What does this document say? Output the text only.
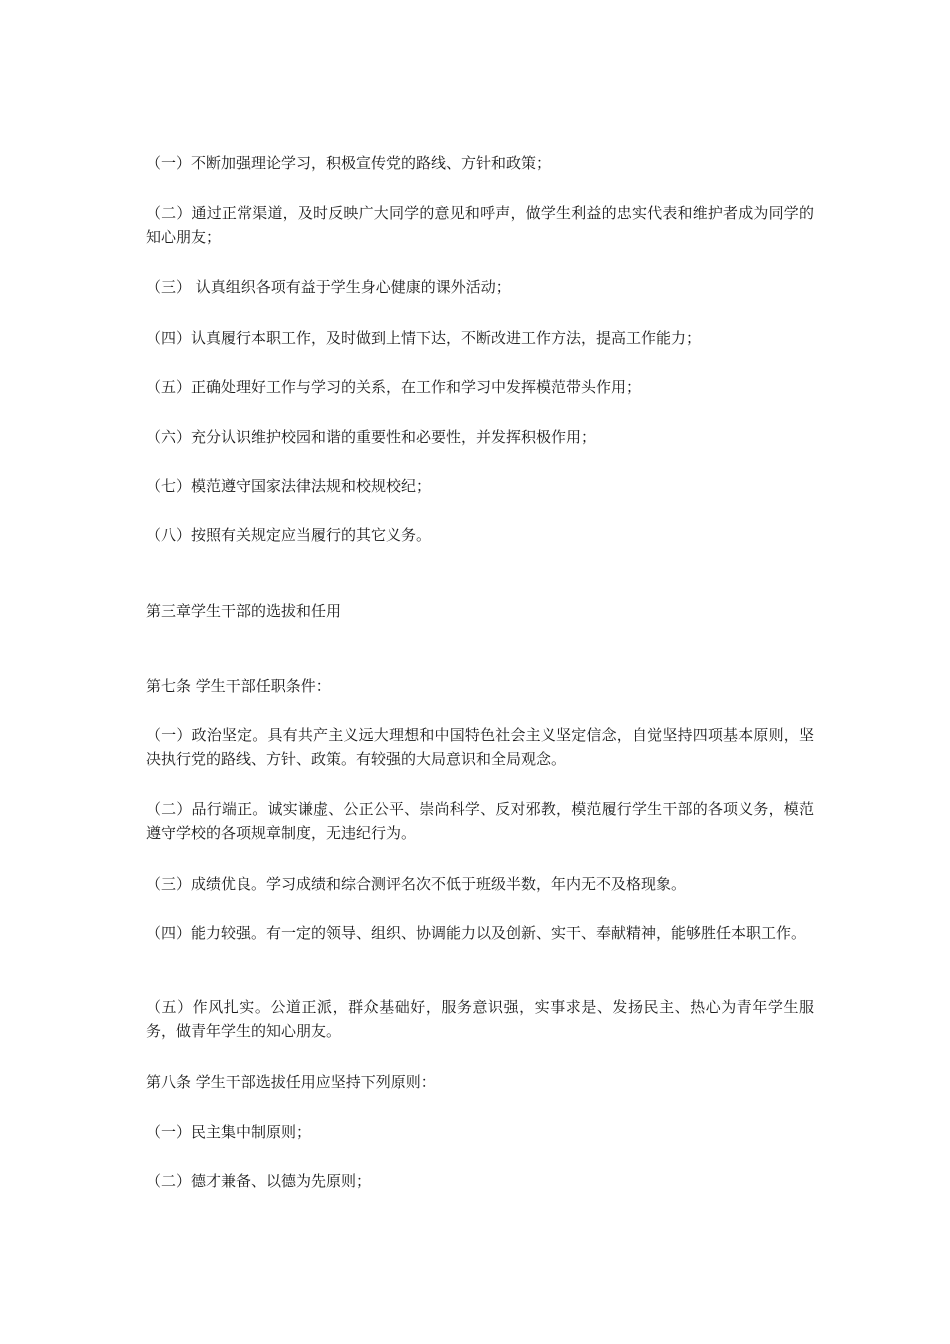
（一）不断加强理论学习，积极宣传党的路线、方针和政策；
（二）通过正常渠道，及时反映广大同学的意见和呼声，做学生利益的忠实代表和维护者成为同学的知心朋友；
（三） 认真组织各项有益于学生身心健康的课外活动；
（四）认真履行本职工作，及时做到上情下达，不断改进工作方法，提高工作能力；
（五）正确处理好工作与学习的关系，在工作和学习中发挥模范带头作用；
（六）充分认识维护校园和谐的重要性和必要性，并发挥积极作用；
（七）模范遵守国家法律法规和校规校纪；
（八）按照有关规定应当履行的其它义务。
第三章学生干部的选拔和任用
第七条 学生干部任职条件：
（一）政治坚定。具有共产主义远大理想和中国特色社会主义坚定信念，自觉坚持四项基本原则，坚决执行党的路线、方针、政策。有较强的大局意识和全局观念。
（二）品行端正。诚实谦虚、公正公平、崇尚科学、反对邪教，模范履行学生干部的各项义务，模范遵守学校的各项规章制度，无违纪行为。
（三）成绩优良。学习成绩和综合测评名次不低于班级半数，年内无不及格现象。
（四）能力较强。有一定的领导、组织、协调能力以及创新、实干、奉献精神，能够胜任本职工作。
（五）作风扎实。公道正派，群众基础好，服务意识强，实事求是、发扬民主、热心为青年学生服务，做青年学生的知心朋友。
第八条 学生干部选拔任用应坚持下列原则：
（一）民主集中制原则；
（二）德才兼备、以德为先原则；
